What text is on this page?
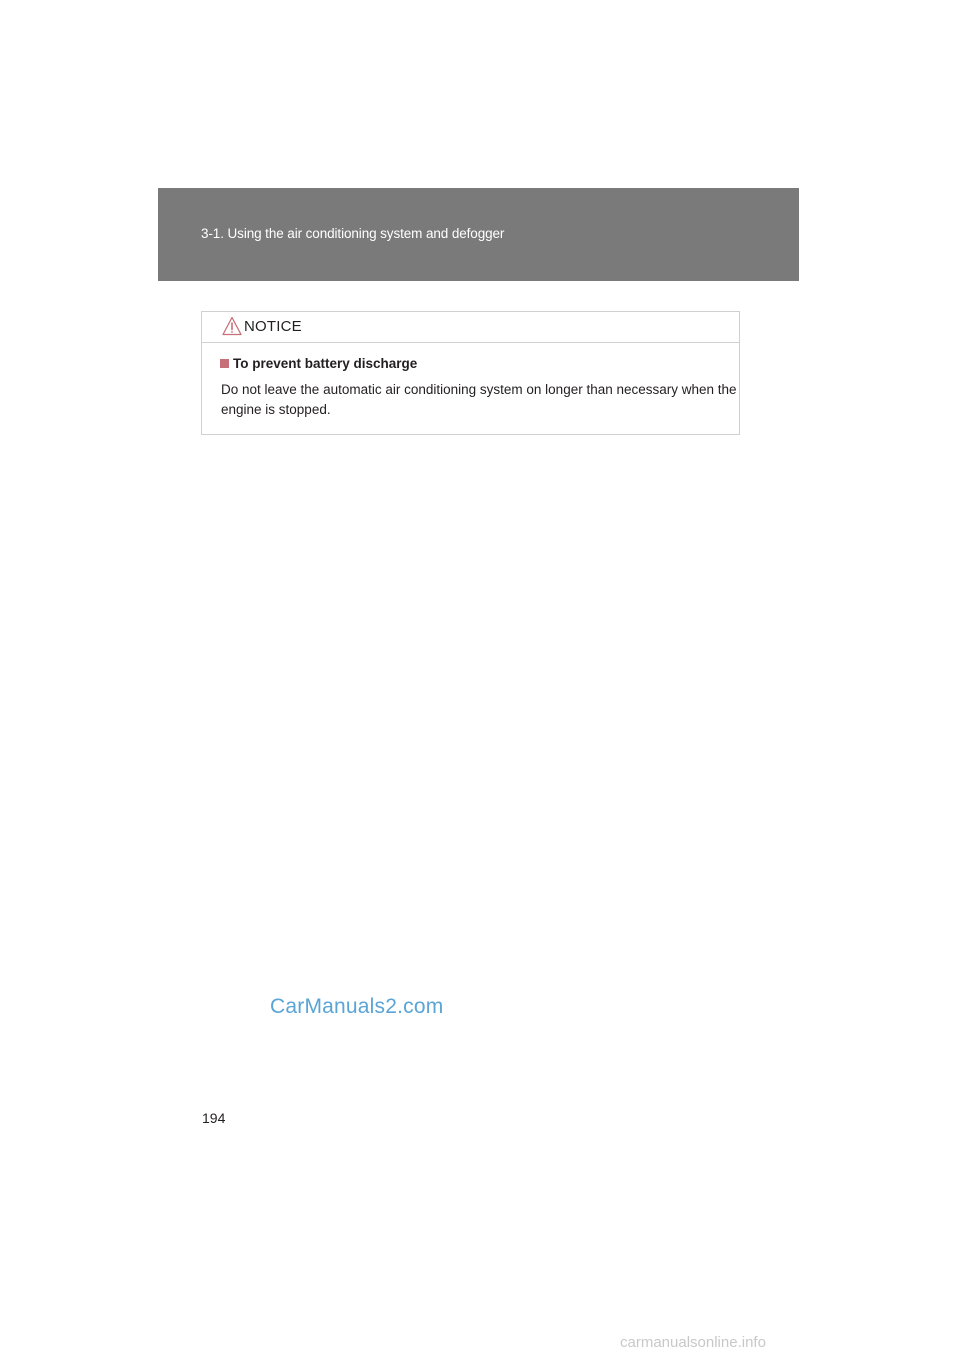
3-1. Using the air conditioning system and defogger
NOTICE
To prevent battery discharge
Do not leave the automatic air conditioning system on longer than necessary when the engine is stopped.
CarManuals2.com
194
carmanualsonline.info
